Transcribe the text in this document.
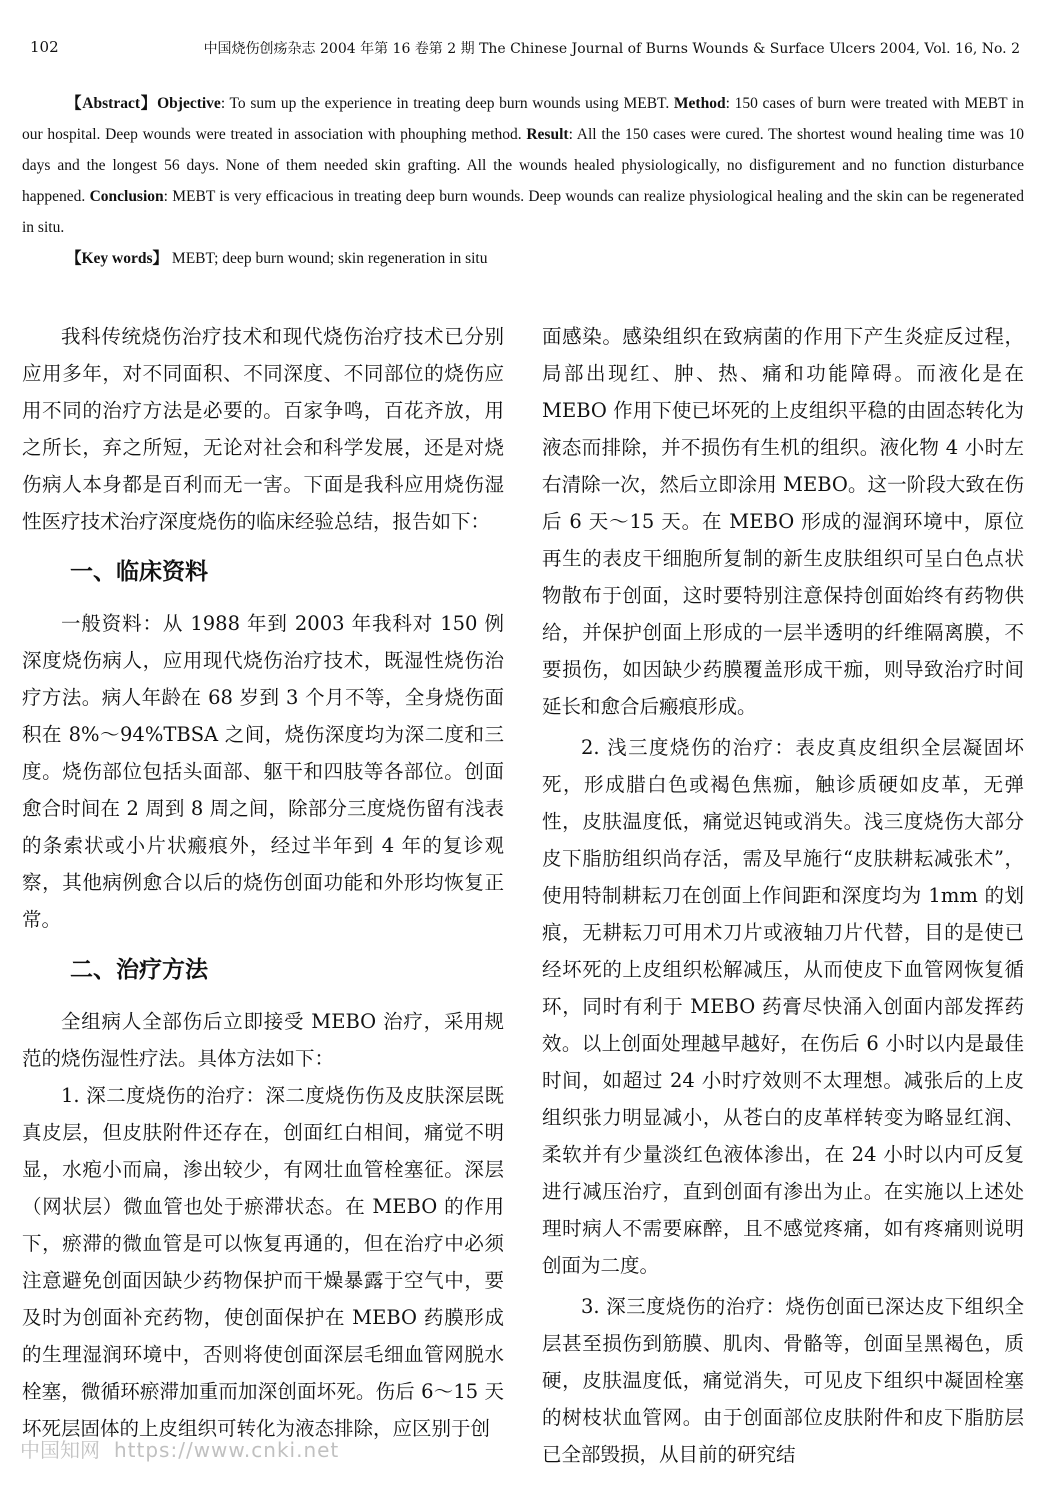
102	中国烧伤创疡杂志 2004 年第 16 卷第 2 期 The Chinese Journal of Burns Wounds & Surface Ulcers 2004, Vol. 16, No. 2

【Abstract】Objective: To sum up the experience in treating deep burn wounds using MEBT. Method: 150 cases of burn were treated with MEBT in our hospital. Deep wounds were treated in association with phouphing method. Result: All the 150 cases were cured. The shortest wound healing time was 10 days and the longest 56 days. None of them needed skin grafting. All the wounds healed physiologically, no disfigurement and no function disturbance happened. Conclusion: MEBT is very efficacious in treating deep burn wounds. Deep wounds can realize physiological healing and the skin can be regenerated in situ.

【Key words】 MEBT; deep burn wound; skin regeneration in situ

我科传统烧伤治疗技术和现代烧伤治疗技术已分别应用多年，对不同面积、不同深度、不同部位的烧伤应用不同的治疗方法是必要的。百家争鸣，百花齐放，用之所长，弃之所短，无论对社会和科学发展，还是对烧伤病人本身都是百利而无一害。下面是我科应用烧伤湿性医疗技术治疗深度烧伤的临床经验总结，报告如下：

一、临床资料

一般资料：从 1988 年到 2003 年我科对 150 例深度烧伤病人，应用现代烧伤治疗技术，既湿性烧伤治疗方法。病人年龄在 68 岁到 3 个月不等，全身烧伤面积在 8%～94%TBSA 之间，烧伤深度均为深二度和三度。烧伤部位包括头面部、躯干和四肢等各部位。创面愈合时间在 2 周到 8 周之间，除部分三度烧伤留有浅表的条索状或小片状瘢痕外，经过半年到 4 年的复诊观察，其他病例愈合以后的烧伤创面功能和外形均恢复正常。

二、治疗方法

全组病人全部伤后立即接受 MEBO 治疗，采用规范的烧伤湿性疗法。具体方法如下：

1. 深二度烧伤的治疗：深二度烧伤伤及皮肤深层既真皮层，但皮肤附件还存在，创面红白相间，痛觉不明显，水疱小而扁，渗出较少，有网壮血管栓塞征。深层（网状层）微血管也处于瘀滞状态。在 MEBO 的作用下，瘀滞的微血管是可以恢复再通的，但在治疗中必须注意避免创面因缺少药物保护而干燥暴露于空气中，要及时为创面补充药物，使创面保护在 MEBO 药膜形成的生理湿润环境中，否则将使创面深层毛细血管网脱水栓塞，微循环瘀滞加重而加深创面坏死。伤后 6～15 天坏死层固体的上皮组织可转化为液态排除，应区别于创

面感染。感染组织在致病菌的作用下产生炎症反过程，局部出现红、肿、热、痛和功能障碍。而液化是在 MEBO 作用下使已坏死的上皮组织平稳的由固态转化为液态而排除，并不损伤有生机的组织。液化物 4 小时左右清除一次，然后立即涂用 MEBO。这一阶段大致在伤后 6 天～15 天。在 MEBO 形成的湿润环境中，原位再生的表皮干细胞所复制的新生皮肤组织可呈白色点状物散布于创面，这时要特别注意保持创面始终有药物供给，并保护创面上形成的一层半透明的纤维隔离膜，不要损伤，如因缺少药膜覆盖形成干痂，则导致治疗时间延长和愈合后瘢痕形成。

2. 浅三度烧伤的治疗：表皮真皮组织全层凝固坏死，形成腊白色或褐色焦痂，触诊质硬如皮革，无弹性，皮肤温度低，痛觉迟钝或消失。浅三度烧伤大部分皮下脂肪组织尚存活，需及早施行“皮肤耕耘减张术”，使用特制耕耘刀在创面上作间距和深度均为 1mm 的划痕，无耕耘刀可用术刀片或液轴刀片代替，目的是使已经坏死的上皮组织松解减压，从而使皮下血管网恢复循环，同时有利于 MEBO 药膏尽快涌入创面内部发挥药效。以上创面处理越早越好，在伤后 6 小时以内是最佳时间，如超过 24 小时疗效则不太理想。减张后的上皮组织张力明显减小，从苍白的皮革样转变为略显红润、柔软并有少量淡红色液体渗出，在 24 小时以内可反复进行减压治疗，直到创面有渗出为止。在实施以上述处理时病人不需要麻醉，且不感觉疼痛，如有疼痛则说明创面为二度。

3. 深三度烧伤的治疗：烧伤创面已深达皮下组织全层甚至损伤到筋膜、肌肉、骨骼等，创面呈黑褐色，质硬，皮肤温度低，痛觉消失，可见皮下组织中凝固栓塞的树枝状血管网。由于创面部位皮肤附件和皮下脂肪层已全部毁损，从目前的研究结

中国知网 https://www.cnki.net
